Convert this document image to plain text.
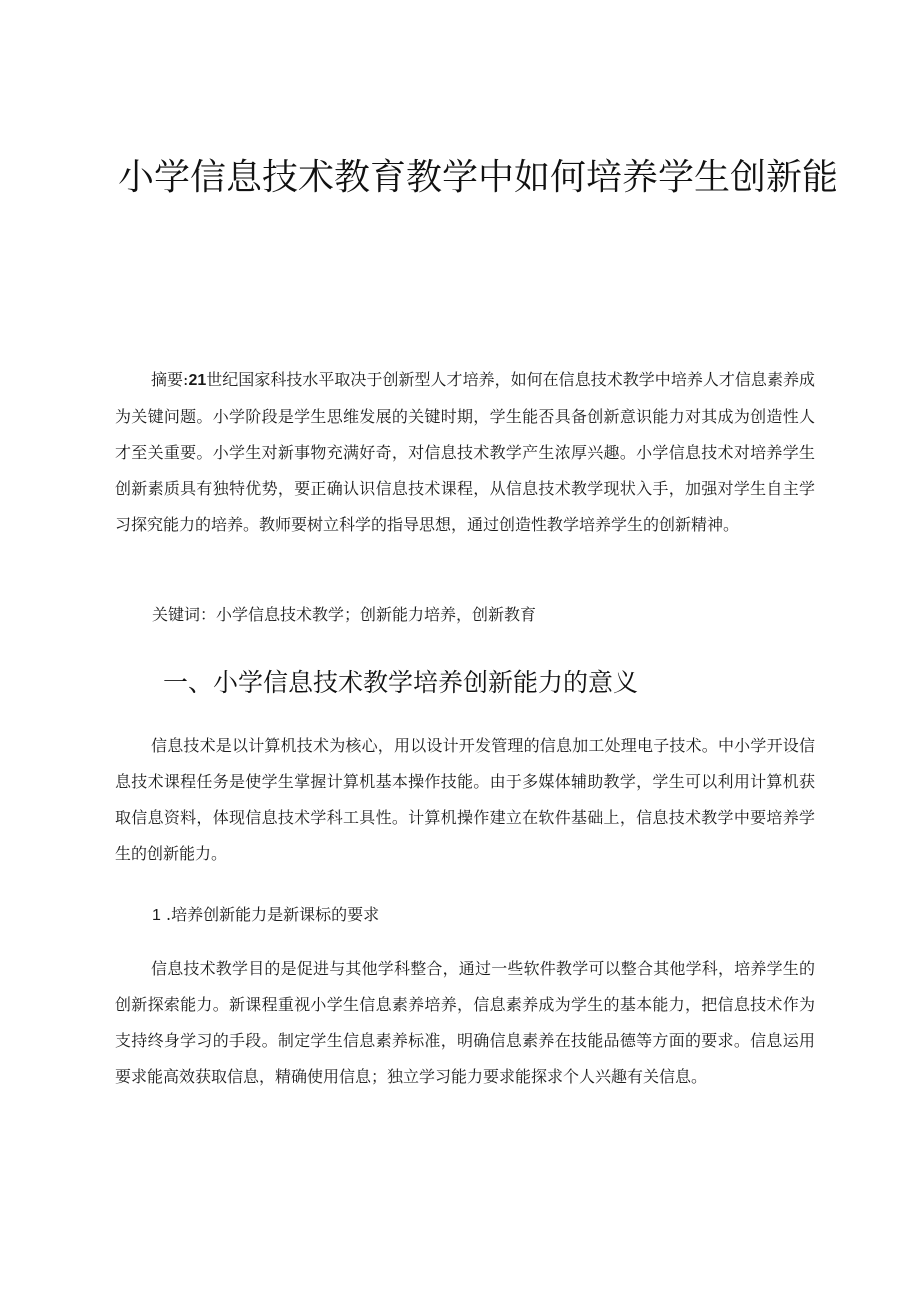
小学信息技术教育教学中如何培养学生创新能

摘要:21世纪国家科技水平取决于创新型人才培养，如何在信息技术教学中培养人才信息素养成为关键问题。小学阶段是学生思维发展的关键时期，学生能否具备创新意识能力对其成为创造性人才至关重要。小学生对新事物充满好奇，对信息技术教学产生浓厚兴趣。小学信息技术对培养学生创新素质具有独特优势，要正确认识信息技术课程，从信息技术教学现状入手，加强对学生自主学习探究能力的培养。教师要树立科学的指导思想，通过创造性教学培养学生的创新精神。

关键词：小学信息技术教学；创新能力培养，创新教育

一、小学信息技术教学培养创新能力的意义

信息技术是以计算机技术为核心，用以设计开发管理的信息加工处理电子技术。中小学开设信息技术课程任务是使学生掌握计算机基本操作技能。由于多媒体辅助教学，学生可以利用计算机获取信息资料，体现信息技术学科工具性。计算机操作建立在软件基础上，信息技术教学中要培养学生的创新能力。

1 .培养创新能力是新课标的要求

信息技术教学目的是促进与其他学科整合，通过一些软件教学可以整合其他学科，培养学生的创新探索能力。新课程重视小学生信息素养培养，信息素养成为学生的基本能力，把信息技术作为支持终身学习的手段。制定学生信息素养标准，明确信息素养在技能品德等方面的要求。信息运用要求能高效获取信息，精确使用信息；独立学习能力要求能探求个人兴趣有关信息。
